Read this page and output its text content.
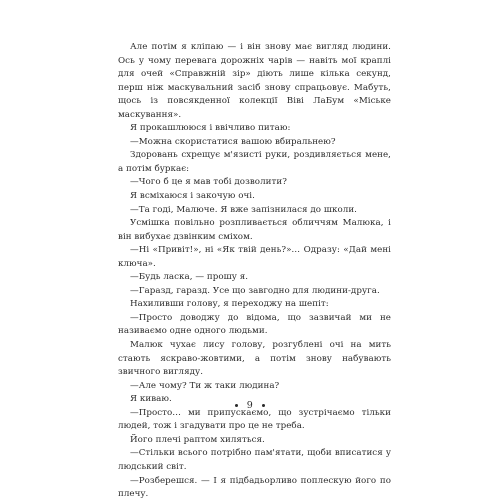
Але потім я кліпаю — і він знову має вигляд людини. Ось у чому перевага дорожніх чарів — навіть мої краплі для очей «Справжній зір» діють лише кілька секунд, перш ніж маскувальний засіб знову спрацьовує. Мабуть, щось із повсякденної колекції Віві ЛаБум «Міське маскування».

Я прокашлююся і ввічливо питаю:

—Можна скористатися вашою вбиральнею?

Здоровань схрещує м'язисті руки, роздивляється мене, а потім буркає:

—Чого б це я мав тобі дозволити?

Я всміхаюся і закочую очі.

—Та годі, Малюче. Я вже запізнилася до школи.

Усмішка повільно розпливається обличчям Малюка, і він вибухає дзвінким сміхом.

—Ні «Привіт!», ні «Як твій день?»… Одразу: «Дай мені ключа».

—Будь ласка, — прошу я.

—Гаразд, гаразд. Усе що завгодно для людини-друга.

Нахиливши голову, я переходжу на шепіт:

—Просто доводжу до відома, що зазвичай ми не називаємо одне одного людьми.

Малюк чухає лису голову, розгублені очі на мить стають яскраво-жовтими, а потім знову набувають звичного вигляду.

—Але чому? Ти ж таки людина?

Я киваю.

—Просто… ми припускаємо, що зустрічаємо тільки людей, тож і згадувати про це не треба.

Його плечі раптом хиляться.

—Стільки всього потрібно пам'ятати, щоби вписатися у людський світ.

—Розберешся. — І я підбадьорливо поплескую його по плечу.

9
